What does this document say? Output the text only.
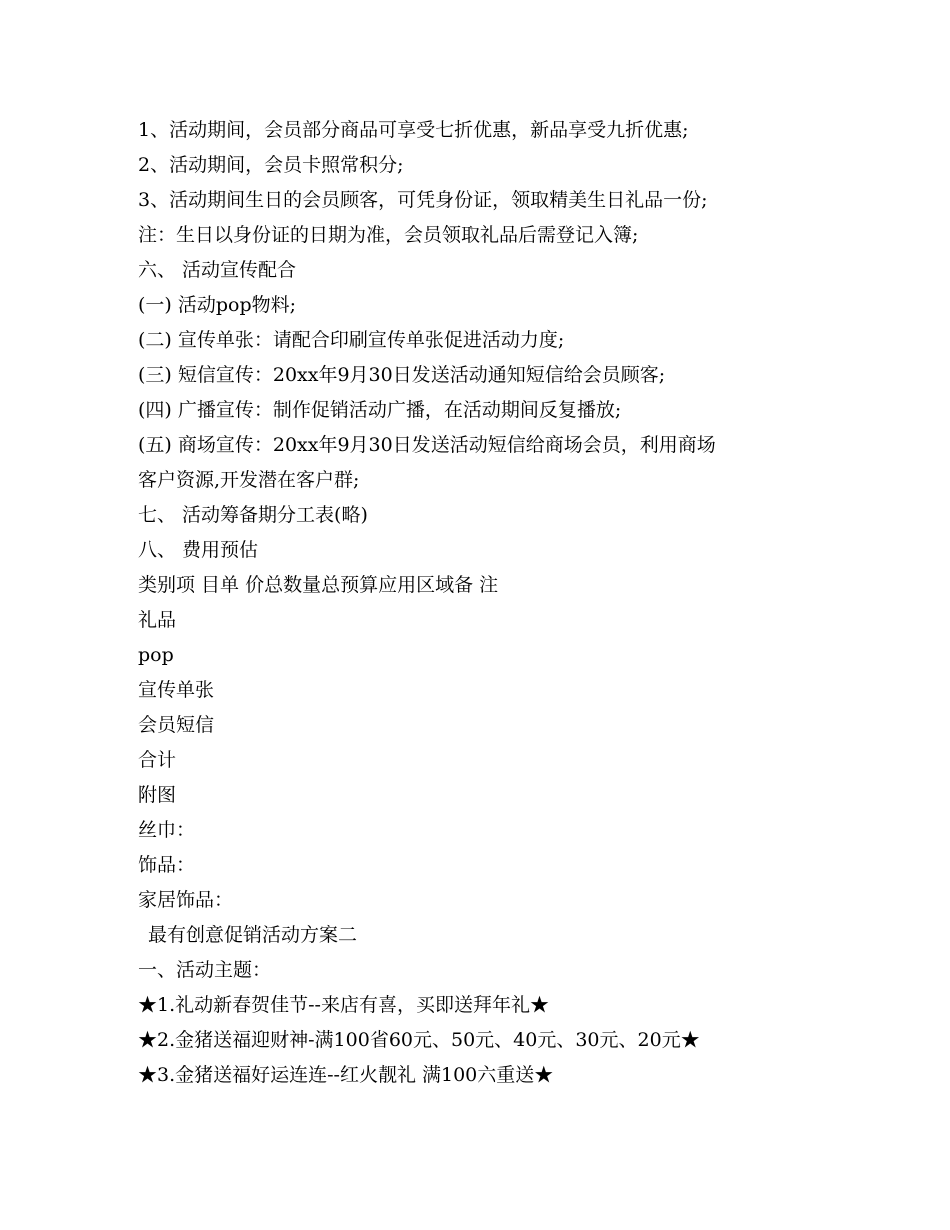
1、活动期间，会员部分商品可享受七折优惠，新品享受九折优惠;
2、活动期间，会员卡照常积分;
3、活动期间生日的会员顾客，可凭身份证，领取精美生日礼品一份;
注：生日以身份证的日期为准，会员领取礼品后需登记入簿;
六、 活动宣传配合
(一) 活动pop物料;
(二) 宣传单张：请配合印刷宣传单张促进活动力度;
(三) 短信宣传：20xx年9月30日发送活动通知短信给会员顾客;
(四) 广播宣传：制作促销活动广播，在活动期间反复播放;
(五) 商场宣传：20xx年9月30日发送活动短信给商场会员，利用商场
客户资源,开发潜在客户群;
七、 活动筹备期分工表(略)
八、 费用预估
类别项 目单 价总数量总预算应用区域备 注
礼品
pop
宣传单张
会员短信
合计
附图
丝巾：
饰品：
家居饰品：
最有创意促销活动方案二
一、活动主题：
★1.礼动新春贺佳节--来店有喜，买即送拜年礼★
★2.金猪送福迎财神-满100省60元、50元、40元、30元、20元★
★3.金猪送福好运连连--红火靓礼 满100六重送★
